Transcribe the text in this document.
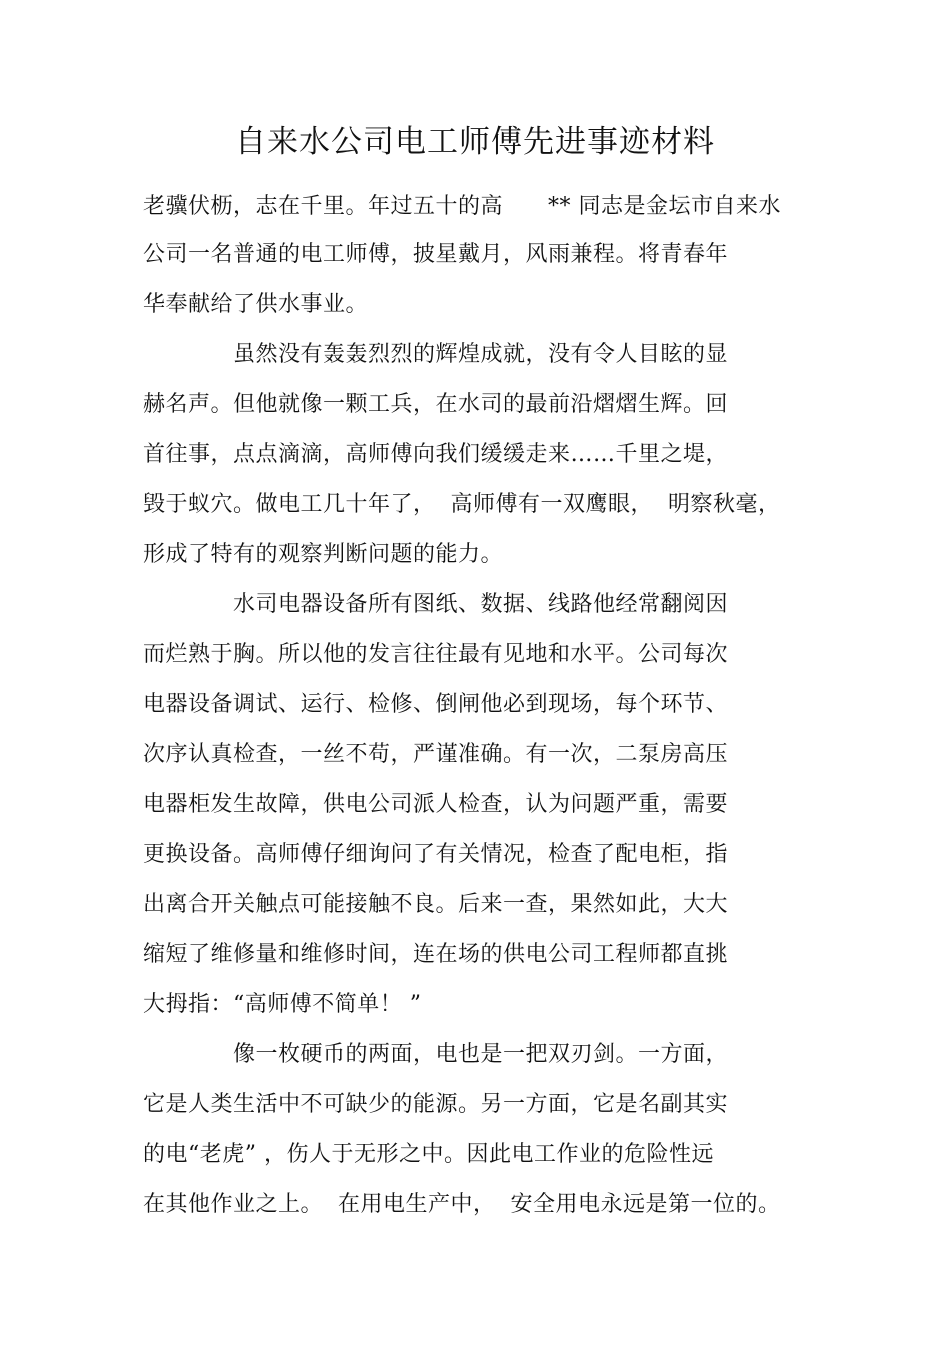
自来水公司电工师傅先进事迹材料
老骥伏枥，志在千里。年过五十的高 　  ** 同志是金坛市自来水
公司一名普通的电工师傅，披星戴月，风雨兼程。将青春年
华奉献给了供水事业。
　　　　虽然没有轰轰烈烈的辉煌成就，没有令人目眩的显
赫名声。但他就像一颗工兵，在水司的最前沿熠熠生辉。回
首往事，点点滴滴，高师傅向我们缓缓走来……千里之堤，
毁于蚁穴。做电工几十年了，  高师傅有一双鹰眼，  明察秋毫，
形成了特有的观察判断问题的能力。
　　　　水司电器设备所有图纸、数据、线路他经常翻阅因
而烂熟于胸。所以他的发言往往最有见地和水平。公司每次
电器设备调试、运行、检修、倒闸他必到现场，每个环节、
次序认真检查，一丝不苟，严谨准确。有一次，二泵房高压
电器柜发生故障，供电公司派人检查，认为问题严重，需要
更换设备。高师傅仔细询问了有关情况，检查了配电柜，指
出离合开关触点可能接触不良。后来一查，果然如此，大大
缩短了维修量和维修时间，连在场的供电公司工程师都直挑
大拇指：“高师傅不简单！ ”
　　　　像一枚硬币的两面，电也是一把双刃剑。一方面，
它是人类生活中不可缺少的能源。另一方面，它是名副其实
的电“老虎” ，伤人于无形之中。因此电工作业的危险性远
在其他作业之上。  在用电生产中，  安全用电永远是第一位的。
